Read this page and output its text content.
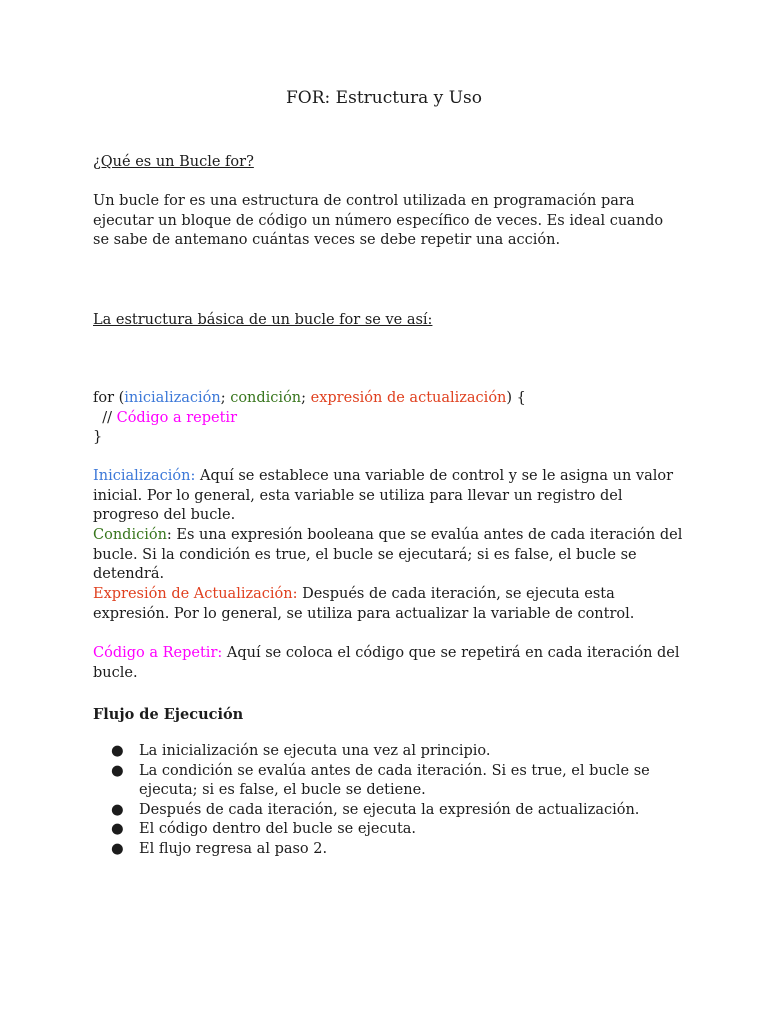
FOR: Estructura y Uso
¿Qué es un Bucle for?
Un bucle for es una estructura de control utilizada en programación para ejecutar un bloque de código un número específico de veces. Es ideal cuando se sabe de antemano cuántas veces se debe repetir una acción.
La estructura básica de un bucle for se ve así:
for (inicialización; condición; expresión de actualización) {
// Código a repetir
}
Inicialización: Aquí se establece una variable de control y se le asigna un valor inicial. Por lo general, esta variable se utiliza para llevar un registro del progreso del bucle.
Condición: Es una expresión booleana que se evalúa antes de cada iteración del bucle. Si la condición es true, el bucle se ejecutará; si es false, el bucle se detendrá.
Expresión de Actualización: Después de cada iteración, se ejecuta esta expresión. Por lo general, se utiliza para actualizar la variable de control.
Código a Repetir: Aquí se coloca el código que se repetirá en cada iteración del bucle.
Flujo de Ejecución
● La inicialización se ejecuta una vez al principio.
● La condición se evalúa antes de cada iteración. Si es true, el bucle se ejecuta; si es false, el bucle se detiene.
● Después de cada iteración, se ejecuta la expresión de actualización.
● El código dentro del bucle se ejecuta.
● El flujo regresa al paso 2.
